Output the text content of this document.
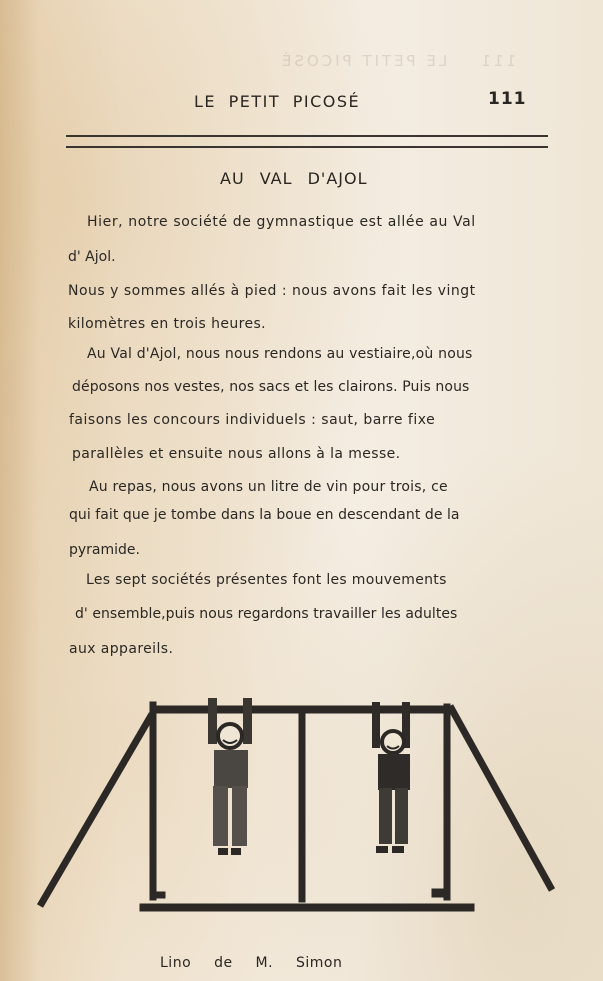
111    LE PETIT PICOSÉ
LE PETIT PICOSÉ	111
AU VAL D'AJOL
Hier, notre société de gymnastique est allée au Val
d' Ajol.
Nous y sommes allés à pied : nous avons fait les vingt
kilomètres en trois heures.
Au Val d'Ajol, nous nous rendons au vestiaire,où nous
déposons nos vestes, nos sacs et les clairons. Puis nous
faisons les concours individuels : saut, barre fixe
parallèles et ensuite nous allons à la messe.
Au repas, nous avons un litre de vin pour trois, ce
qui fait que je tombe dans la boue en descendant de la
pyramide.
Les sept sociétés présentes font les mouvements
d' ensemble,puis nous regardons travailler les adultes
aux appareils.
Lino de M. Simon
